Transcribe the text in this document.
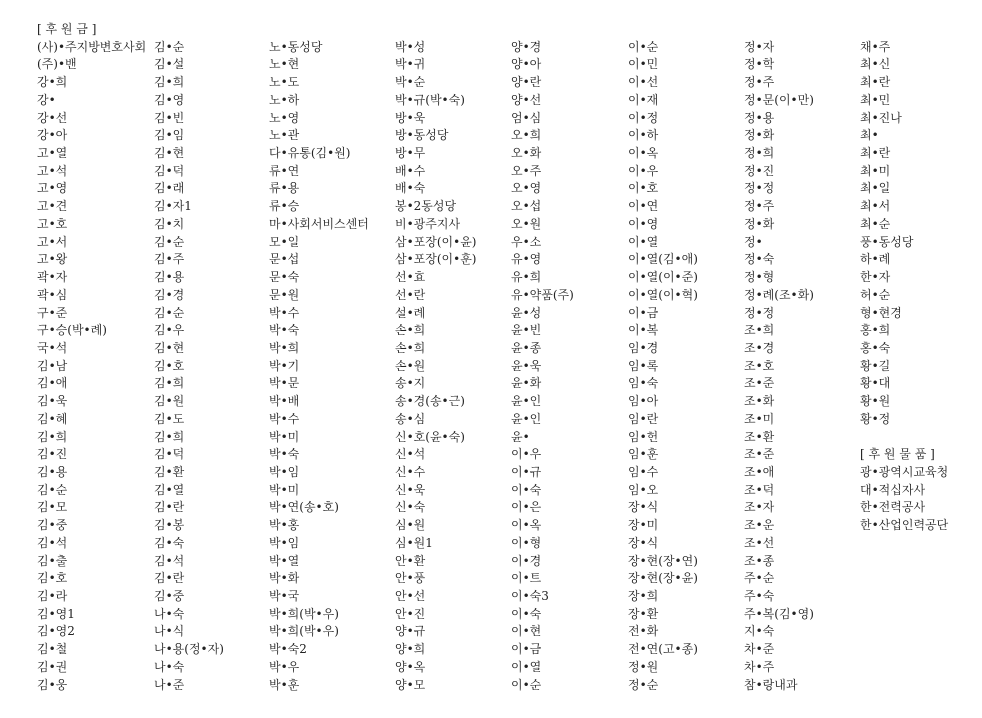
[ 후 원 금 ]
(사)•주지방변호사회
(주)•밴
강•희
강•
강•선
강•아
고•열
고•석
고•영
고•견
고•호
고•서
고•왕
곽•자
곽•심
구•준
구•승(박•례)
국•석
김•남
김•애
김•욱
김•혜
김•희
김•진
김•용
김•순
김•모
김•중
김•석
김•출
김•호
김•라
김•영1
김•영2
김•철
김•권
김•웅
김•순
김•설
김•희
김•영
김•빈
김•임
김•현
김•덕
김•래
김•자1
김•치
김•순
김•주
김•용
김•경
김•순
김•우
김•현
김•호
김•희
김•원
김•도
김•희
김•덕
김•환
김•열
김•란
김•봉
김•숙
김•석
김•란
김•중
나•숙
나•식
나•용(정•자)
나•숙
나•준
노•동성당
노•현
노•도
노•하
노•영
노•관
다•유통(김•원)
류•연
류•용
류•승
마•사회서비스센터
모•일
문•섭
문•숙
문•원
박•수
박•숙
박•희
박•기
박•문
박•배
박•수
박•미
박•숙
박•임
박•미
박•연(송•호)
박•홍
박•임
박•열
박•화
박•국
박•희(박•우)
박•희(박•우)
박•숙2
박•우
박•훈
박•성
박•귀
박•순
박•규(박•숙)
방•욱
방•동성당
방•무
배•수
배•숙
봉•2동성당
비•광주지사
삼•포장(이•윤)
삼•포장(이•훈)
선•효
선•란
설•례
손•희
손•희
손•원
송•지
송•경(송•근)
송•심
신•호(윤•숙)
신•석
신•수
신•욱
신•숙
심•원
심•원1
안•환
안•풍
안•선
안•진
양•규
양•희
양•옥
양•모
양•경
양•아
양•란
양•선
엄•심
오•희
오•화
오•주
오•영
오•섭
오•원
우•소
유•영
유•희
유•약품(주)
윤•성
윤•빈
윤•종
윤•욱
윤•화
윤•인
윤•인
윤•
이•우
이•규
이•숙
이•은
이•옥
이•형
이•경
이•트
이•숙3
이•숙
이•현
이•금
이•열
이•순
이•순
이•민
이•선
이•재
이•정
이•하
이•옥
이•우
이•호
이•연
이•영
이•열
이•열(김•애)
이•열(이•준)
이•열(이•혁)
이•금
이•복
임•경
임•록
임•숙
임•아
임•란
임•헌
임•훈
임•수
임•오
장•식
장•미
장•식
장•현(장•연)
장•현(장•윤)
장•희
장•환
전•화
전•연(고•종)
정•원
정•순
정•자
정•학
정•주
정•문(이•만)
정•용
정•화
정•희
정•진
정•정
정•주
정•화
정•
정•숙
정•형
정•례(조•화)
정•정
조•희
조•경
조•호
조•준
조•화
조•미
조•환
조•준
조•애
조•덕
조•자
조•운
조•선
조•종
주•순
주•숙
주•복(김•영)
지•숙
차•준
차•주
참•랑내과
채•주
최•신
최•란
최•민
최•진나
최•
최•란
최•미
최•일
최•서
최•순
풍•동성당
하•례
한•자
허•순
형•현경
홍•희
홍•숙
황•길
황•대
황•원
황•정
[ 후 원 물 품 ]
광•광역시교육청
대•적십자사
한•전력공사
한•산업인력공단
